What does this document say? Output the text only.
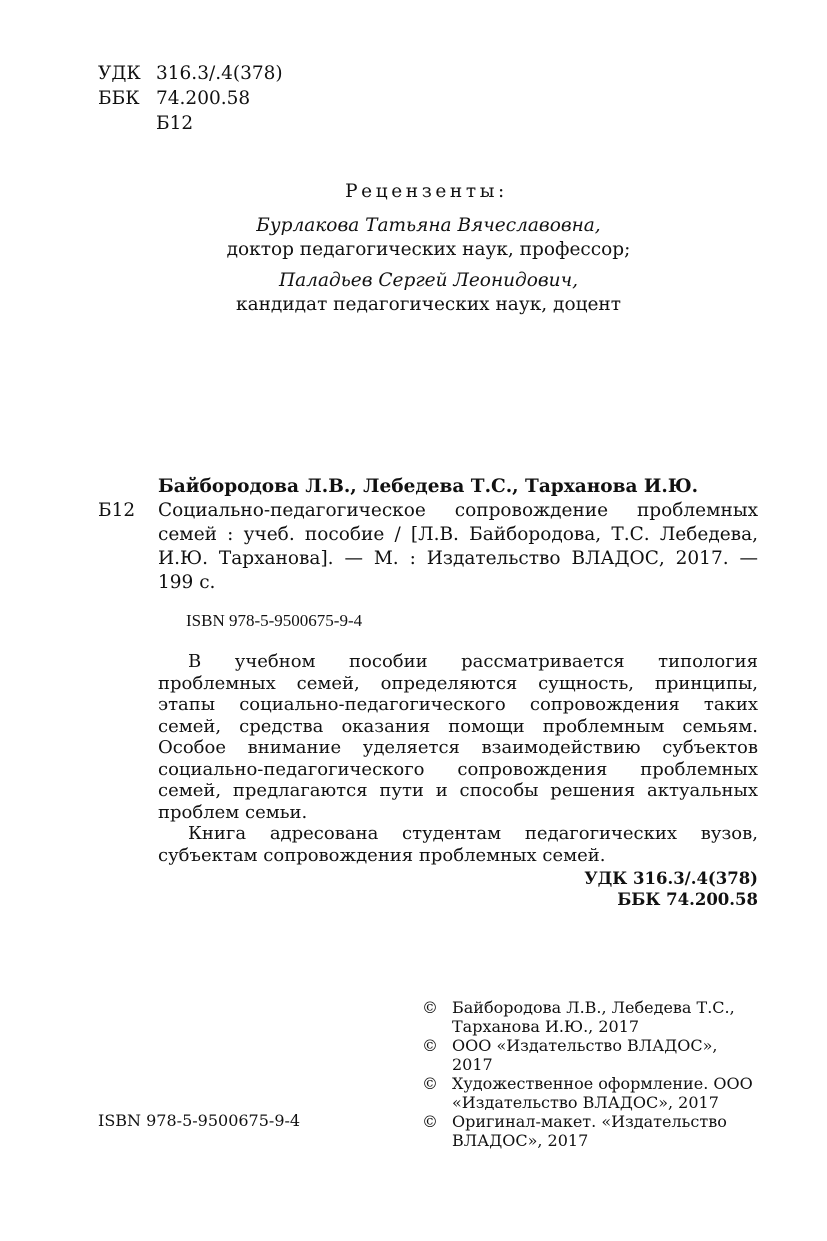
УДК 316.3/.4(378)
ББК 74.200.58
Б12
Рецензенты:
Бурлакова Татьяна Вячеславовна,
доктор педагогических наук, профессор;
Паладьев Сергей Леонидович,
кандидат педагогических наук, доцент
Байбородова Л.В., Лебедева Т.С., Тарханова И.Ю.
Б12	Социально-педагогическое сопровождение проблемных семей : учеб. пособие / [Л.В. Байбородова, Т.С. Лебедева, И.Ю. Тарханова]. — М. : Издательство ВЛАДОС, 2017. — 199 с.
ISBN 978-5-9500675-9-4

В учебном пособии рассматривается типология проблемных семей, определяются сущность, принципы, этапы социально-педагогического сопровождения таких семей, средства оказания помощи проблемным семьям. Особое внимание уделяется взаимодействию субъектов социально-педагогического сопровождения проблемных семей, предлагаются пути и способы решения актуальных проблем семьи.

Книга адресована студентам педагогических вузов, субъектам сопровождения проблемных семей.

УДК 316.3/.4(378)
ББК 74.200.58
© Байбородова Л.В., Лебедева Т.С., Тарханова И.Ю., 2017
© ООО «Издательство ВЛАДОС», 2017
© Художественное оформление. ООО «Издательство ВЛАДОС», 2017
© Оригинал-макет. «Издательство ВЛАДОС», 2017
ISBN 978-5-9500675-9-4
